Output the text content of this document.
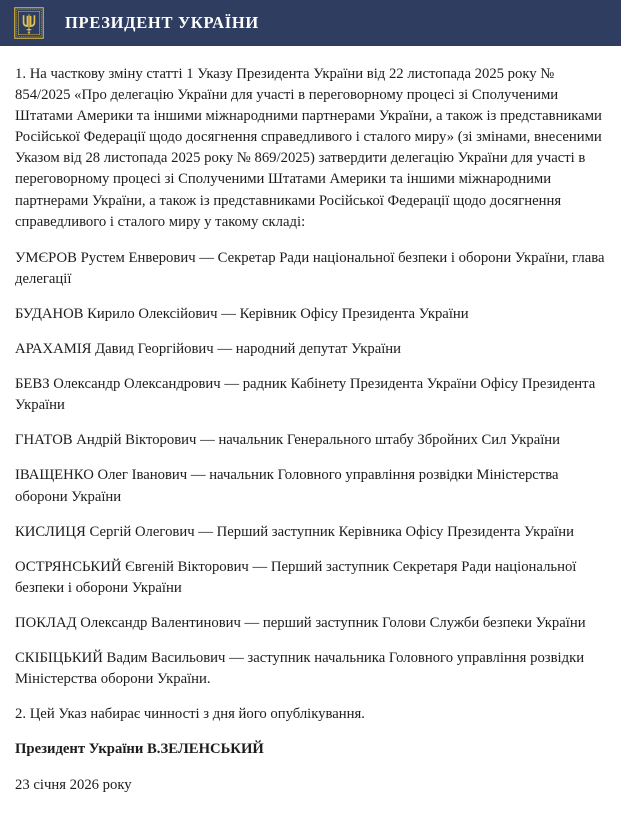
ПРЕЗИДЕНТ УКРАЇНИ

1. На часткову зміну статті 1 Указу Президента України від 22 листопада 2025 року № 854/2025 «Про делегацію України для участі в переговорному процесі зі Сполученими Штатами Америки та іншими міжнародними партнерами України, а також із представниками Російської Федерації щодо досягнення справедливого і сталого миру» (зі змінами, внесеними Указом від 28 листопада 2025 року № 869/2025) затвердити делегацію України для участі в переговорному процесі зі Сполученими Штатами Америки та іншими міжнародними партнерами України, а також із представниками Російської Федерації щодо досягнення справедливого і сталого миру у такому складі:

УМЄРОВ Рустем Енверович — Секретар Ради національної безпеки і оборони України, глава делегації

БУДАНОВ Кирило Олексійович — Керівник Офісу Президента України

АРАХАМІЯ Давид Георгійович — народний депутат України

БЕВЗ Олександр Олександрович — радник Кабінету Президента України Офісу Президента України

ГНАТОВ Андрій Вікторович — начальник Генерального штабу Збройних Сил України

ІВАЩЕНКО Олег Іванович — начальник Головного управління розвідки Міністерства оборони України

КИСЛИЦЯ Сергій Олегович — Перший заступник Керівника Офісу Президента України

ОСТРЯНСЬКИЙ Євгеній Вікторович — Перший заступник Секретаря Ради національної безпеки і оборони України

ПОКЛАД Олександр Валентинович — перший заступник Голови Служби безпеки України

СКІБІЦЬКИЙ Вадим Васильович — заступник начальника Головного управління розвідки Міністерства оборони України.

2. Цей Указ набирає чинності з дня його опублікування.

Президент України В.ЗЕЛЕНСЬКИЙ

23 січня 2026 року
